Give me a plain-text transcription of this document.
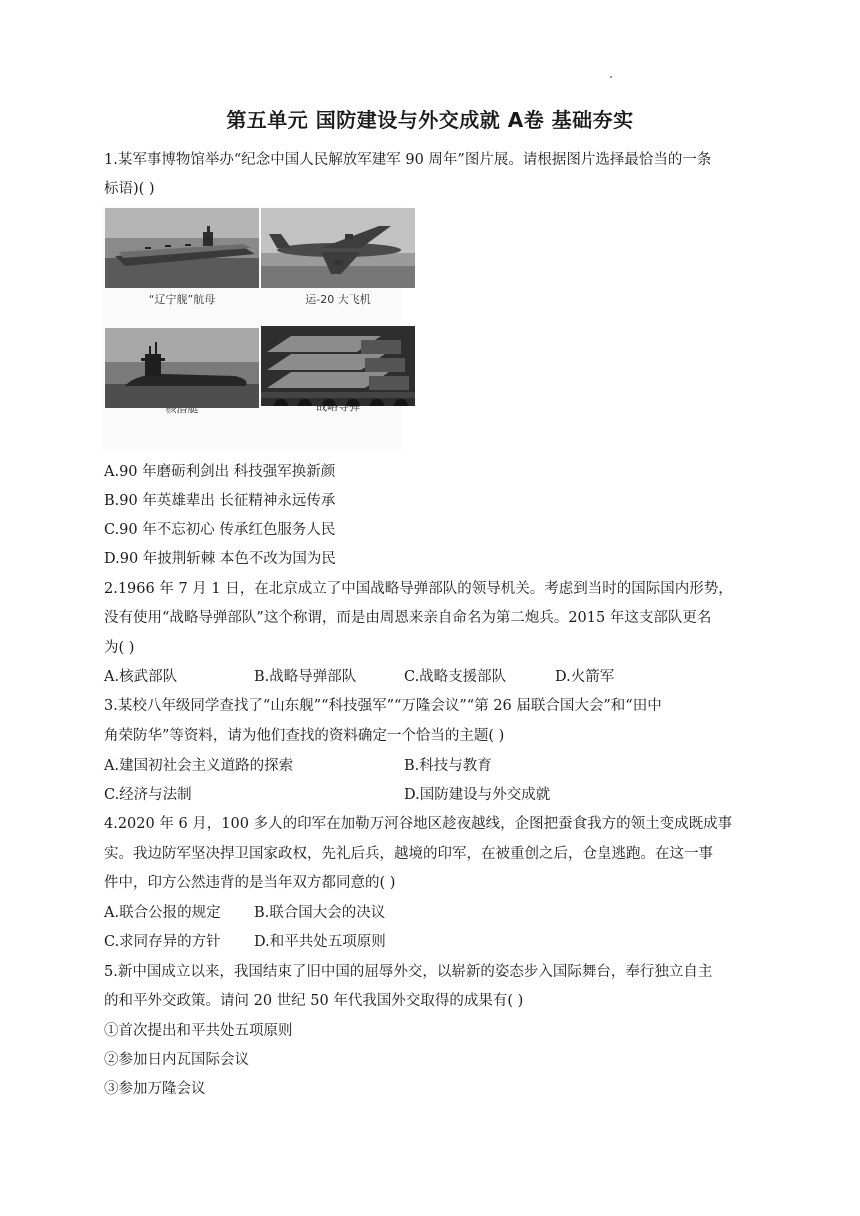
第五单元 国防建设与外交成就 A卷 基础夯实
1.某军事博物馆举办“纪念中国人民解放军建军 90 周年”图片展。请根据图片选择最恰当的一条
标语)( )
“辽宁舰”航母	运-20 大飞机
核潜艇	战略导弹
A.90 年磨砺利剑出 科技强军换新颜
B.90 年英雄辈出 长征精神永远传承
C.90 年不忘初心 传承红色服务人民
D.90 年披荆斩棘 本色不改为国为民
2.1966 年 7 月 1 日，在北京成立了中国战略导弹部队的领导机关。考虑到当时的国际国内形势，
没有使用“战略导弹部队”这个称谓，而是由周恩来亲自命名为第二炮兵。2015 年这支部队更名
为( )
A.核武部队	B.战略导弹部队	C.战略支援部队	D.火箭军
3.某校八年级同学查找了“山东舰”“科技强军”“万隆会议”“第 26 届联合国大会”和“田中
角荣防华”等资料，请为他们查找的资料确定一个恰当的主题( )
A.建国初社会主义道路的探索	B.科技与教育
C.经济与法制	D.国防建设与外交成就
4.2020 年 6 月，100 多人的印军在加勒万河谷地区趁夜越线，企图把蚕食我方的领土变成既成事
实。我边防军坚决捍卫国家政权，先礼后兵，越境的印军，在被重创之后，仓皇逃跑。在这一事
件中，印方公然违背的是当年双方都同意的( )
A.联合公报的规定 B.联合国大会的决议
C.求同存异的方针 D.和平共处五项原则
5.新中国成立以来，我国结束了旧中国的屈辱外交，以崭新的姿态步入国际舞台，奉行独立自主
的和平外交政策。请问 20 世纪 50 年代我国外交取得的成果有( )
①首次提出和平共处五项原则
②参加日内瓦国际会议
③参加万隆会议
